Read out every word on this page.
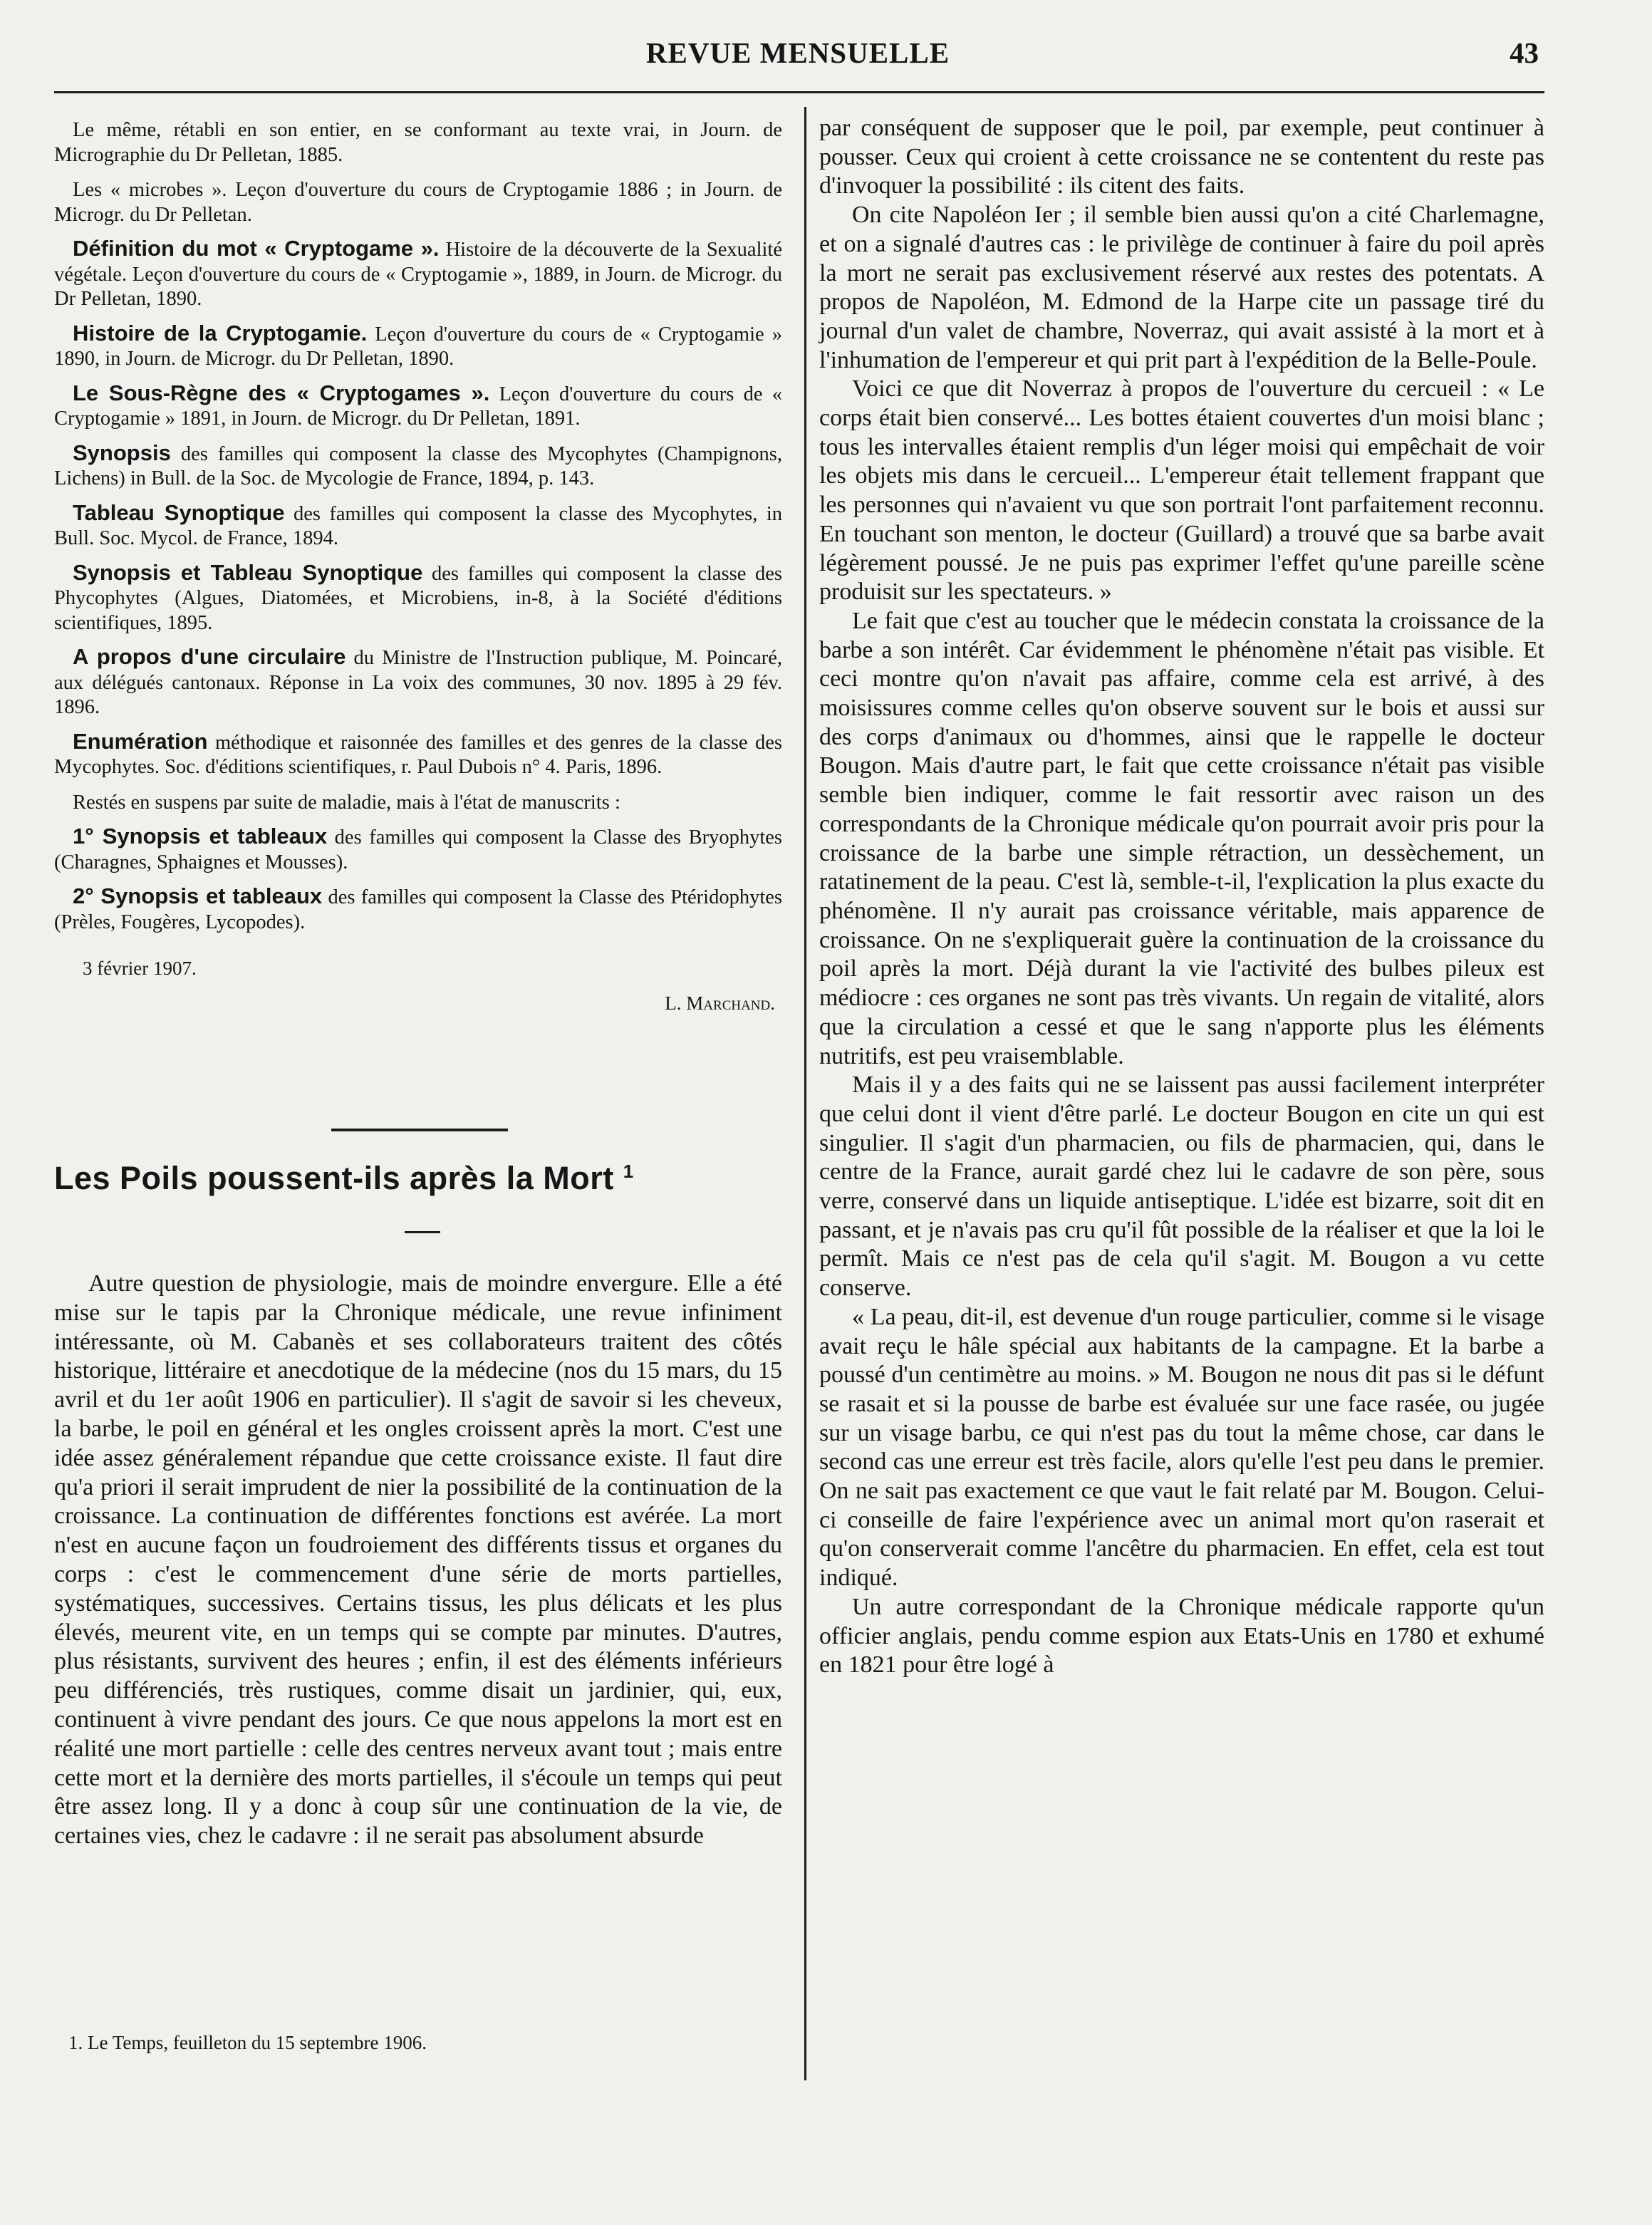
REVUE MENSUELLE	43

Le même, rétabli en son entier, en se conformant au texte vrai, in Journ. de Micrographie du Dr Pelletan, 1885.

Les « microbes ». Leçon d'ouverture du cours de Cryptogamie 1886 ; in Journ. de Microgr. du Dr Pelletan.

Définition du mot « Cryptogame ». Histoire de la découverte de la Sexualité végétale. Leçon d'ouverture du cours de « Cryptogamie », 1889, in Journ. de Microgr. du Dr Pelletan, 1890.

Histoire de la Cryptogamie. Leçon d'ouverture du cours de « Cryptogamie » 1890, in Journ. de Microgr. du Dr Pelletan, 1890.

Le Sous-Règne des « Cryptogames ». Leçon d'ouverture du cours de « Cryptogamie » 1891, in Journ. de Microgr. du Dr Pelletan, 1891.

Synopsis des familles qui composent la classe des Mycophytes (Champignons, Lichens) in Bull. de la Soc. de Mycologie de France, 1894, p. 143.

Tableau Synoptique des familles qui composent la classe des Mycophytes, in Bull. Soc. Mycol. de France, 1894.

Synopsis et Tableau Synoptique des familles qui composent la classe des Phycophytes (Algues, Diatomées, et Microbiens, in-8, à la Société d'éditions scientifiques, 1895.

A propos d'une circulaire du Ministre de l'Instruction publique, M. Poincaré, aux délégués cantonaux. Réponse in La voix des communes, 30 nov. 1895 à 29 fév. 1896.

Enumération méthodique et raisonnée des familles et des genres de la classe des Mycophytes. Soc. d'éditions scientifiques, r. Paul Dubois n° 4. Paris, 1896.

Restés en suspens par suite de maladie, mais à l'état de manuscrits :

1° Synopsis et tableaux des familles qui composent la Classe des Bryophytes (Charagnes, Sphaignes et Mousses).

2° Synopsis et tableaux des familles qui composent la Classe des Ptéridophytes (Prèles, Fougères, Lycopodes).

3 février 1907.
L. Marchand.
Les Poils poussent-ils après la Mort $^1$

Autre question de physiologie, mais de moindre envergure. Elle a été mise sur le tapis par la Chronique médicale, une revue infiniment intéressante, où M. Cabanès et ses collaborateurs traitent des côtés historique, littéraire et anecdotique de la médecine (nos du 15 mars, du 15 avril et du 1er août 1906 en particulier). Il s'agit de savoir si les cheveux, la barbe, le poil en général et les ongles croissent après la mort. C'est une idée assez généralement répandue que cette croissance existe. Il faut dire qu'a priori il serait imprudent de nier la possibilité de la continuation de la croissance. La continuation de différentes fonctions est avérée. La mort n'est en aucune façon un foudroiement des différents tissus et organes du corps : c'est le commencement d'une série de morts partielles, systématiques, successives. Certains tissus, les plus délicats et les plus élevés, meurent vite, en un temps qui se compte par minutes. D'autres, plus résistants, survivent des heures ; enfin, il est des éléments inférieurs peu différenciés, très rustiques, comme disait un jardinier, qui, eux, continuent à vivre pendant des jours. Ce que nous appelons la mort est en réalité une mort partielle : celle des centres nerveux avant tout ; mais entre cette mort et la dernière des morts partielles, il s'écoule un temps qui peut être assez long. Il y a donc à coup sûr une continuation de la vie, de certaines vies, chez le cadavre : il ne serait pas absolument absurde

1. Le Temps, feuilleton du 15 septembre 1906.

par conséquent de supposer que le poil, par exemple, peut continuer à pousser. Ceux qui croient à cette croissance ne se contentent du reste pas d'invoquer la possibilité : ils citent des faits.

On cite Napoléon Ier ; il semble bien aussi qu'on a cité Charlemagne, et on a signalé d'autres cas : le privilège de continuer à faire du poil après la mort ne serait pas exclusivement réservé aux restes des potentats. A propos de Napoléon, M. Edmond de la Harpe cite un passage tiré du journal d'un valet de chambre, Noverraz, qui avait assisté à la mort et à l'inhumation de l'empereur et qui prit part à l'expédition de la Belle-Poule.

Voici ce que dit Noverraz à propos de l'ouverture du cercueil : « Le corps était bien conservé... Les bottes étaient couvertes d'un moisi blanc ; tous les intervalles étaient remplis d'un léger moisi qui empêchait de voir les objets mis dans le cercueil... L'empereur était tellement frappant que les personnes qui n'avaient vu que son portrait l'ont parfaitement reconnu. En touchant son menton, le docteur (Guillard) a trouvé que sa barbe avait légèrement poussé. Je ne puis pas exprimer l'effet qu'une pareille scène produisit sur les spectateurs. »

Le fait que c'est au toucher que le médecin constata la croissance de la barbe a son intérêt. Car évidemment le phénomène n'était pas visible. Et ceci montre qu'on n'avait pas affaire, comme cela est arrivé, à des moisissures comme celles qu'on observe souvent sur le bois et aussi sur des corps d'animaux ou d'hommes, ainsi que le rappelle le docteur Bougon. Mais d'autre part, le fait que cette croissance n'était pas visible semble bien indiquer, comme le fait ressortir avec raison un des correspondants de la Chronique médicale qu'on pourrait avoir pris pour la croissance de la barbe une simple rétraction, un dessèchement, un ratatinement de la peau. C'est là, semble-t-il, l'explication la plus exacte du phénomène. Il n'y aurait pas croissance véritable, mais apparence de croissance. On ne s'expliquerait guère la continuation de la croissance du poil après la mort. Déjà durant la vie l'activité des bulbes pileux est médiocre : ces organes ne sont pas très vivants. Un regain de vitalité, alors que la circulation a cessé et que le sang n'apporte plus les éléments nutritifs, est peu vraisemblable.

Mais il y a des faits qui ne se laissent pas aussi facilement interpréter que celui dont il vient d'être parlé. Le docteur Bougon en cite un qui est singulier. Il s'agit d'un pharmacien, ou fils de pharmacien, qui, dans le centre de la France, aurait gardé chez lui le cadavre de son père, sous verre, conservé dans un liquide antiseptique. L'idée est bizarre, soit dit en passant, et je n'avais pas cru qu'il fût possible de la réaliser et que la loi le permît. Mais ce n'est pas de cela qu'il s'agit. M. Bougon a vu cette conserve.

« La peau, dit-il, est devenue d'un rouge particulier, comme si le visage avait reçu le hâle spécial aux habitants de la campagne. Et la barbe a poussé d'un centimètre au moins. » M. Bougon ne nous dit pas si le défunt se rasait et si la pousse de barbe est évaluée sur une face rasée, ou jugée sur un visage barbu, ce qui n'est pas du tout la même chose, car dans le second cas une erreur est très facile, alors qu'elle l'est peu dans le premier. On ne sait pas exactement ce que vaut le fait relaté par M. Bougon. Celui-ci conseille de faire l'expérience avec un animal mort qu'on raserait et qu'on conserverait comme l'ancêtre du pharmacien. En effet, cela est tout indiqué.

Un autre correspondant de la Chronique médicale rapporte qu'un officier anglais, pendu comme espion aux Etats-Unis en 1780 et exhumé en 1821 pour être logé à
